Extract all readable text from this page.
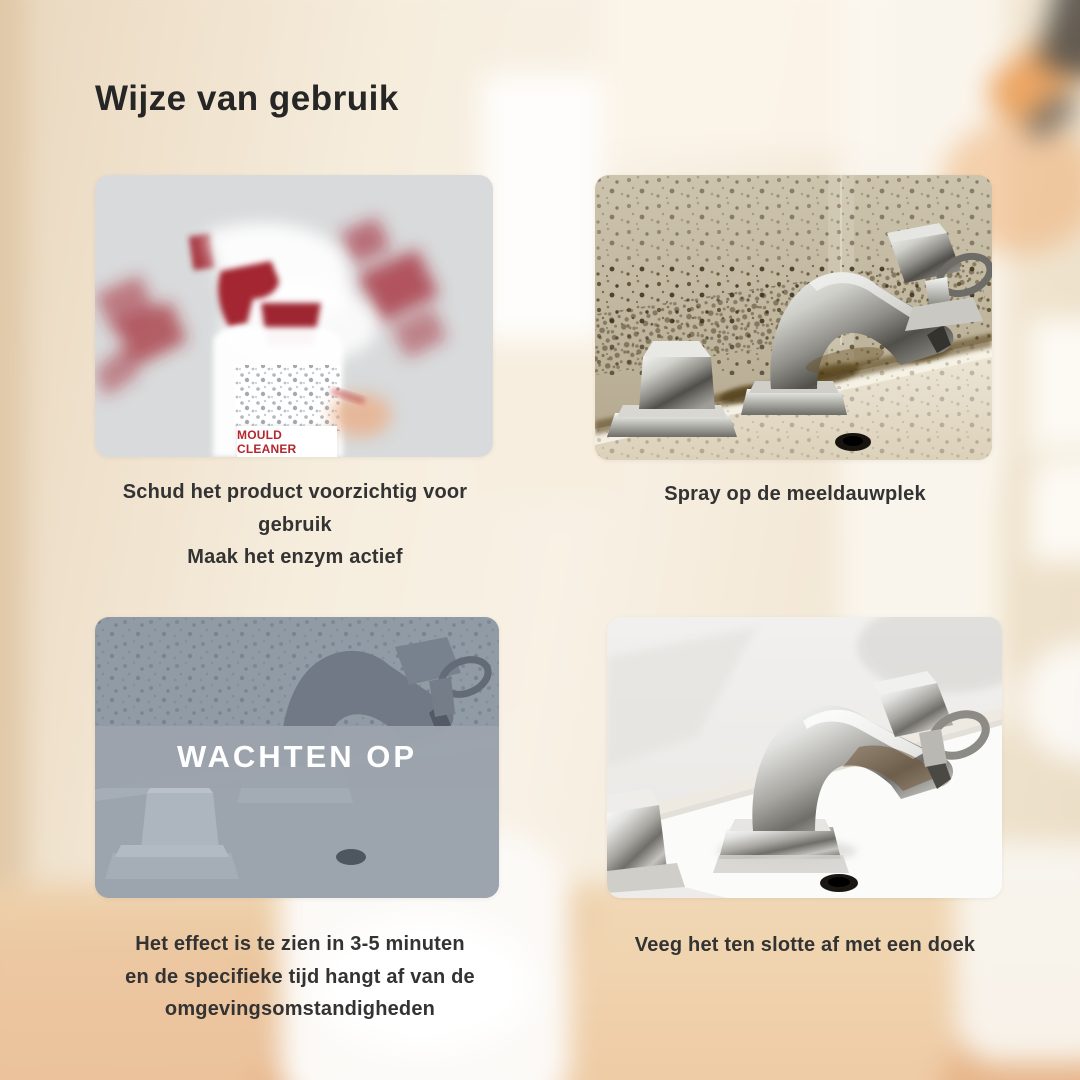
Wijze van gebruik
MOULD CLEANER
WACHTEN OP
Schud het product voorzichtig voor
gebruik
Maak het enzym actief
Spray op de meeldauwplek
Het effect is te zien in 3-5 minuten
en de specifieke tijd hangt af van de
omgevingsomstandigheden
Veeg het ten slotte af met een doek
